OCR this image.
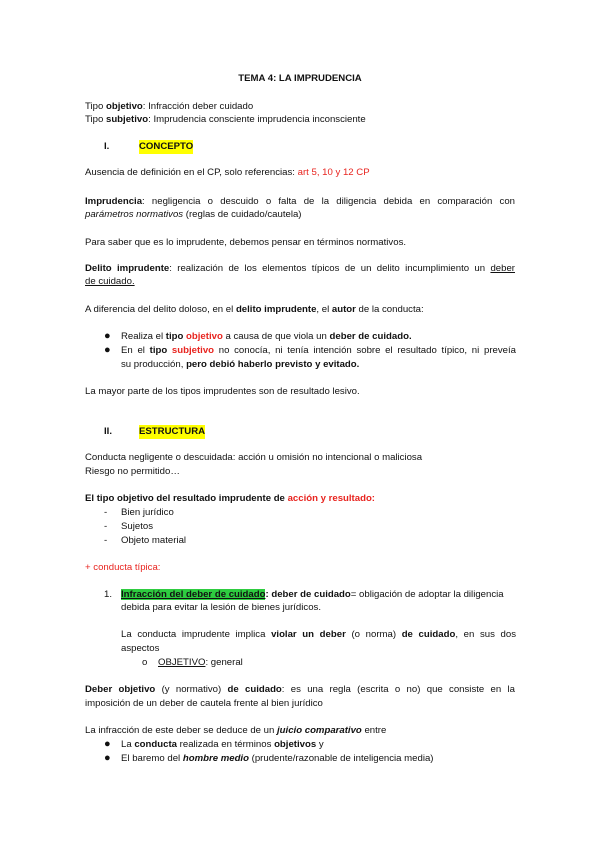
TEMA 4: LA IMPRUDENCIA
Tipo objetivo: Infracción deber cuidado
Tipo subjetivo: Imprudencia consciente imprudencia inconsciente
I.	CONCEPTO
Ausencia de definición en el CP, solo referencias: art 5, 10 y 12 CP
Imprudencia: negligencia o descuido o falta de la diligencia debida en comparación con
parámetros normativos (reglas de cuidado/cautela)
Para saber que es lo imprudente, debemos pensar en términos normativos.
Delito imprudente: realización de los elementos típicos de un delito incumplimiento un deber
de cuidado.
A diferencia del delito doloso, en el delito imprudente, el autor de la conducta:
● Realiza el tipo objetivo a causa de que viola un deber de cuidado.
● En el tipo subjetivo no conocía, ni tenía intención sobre el resultado típico, ni preveía
su producción, pero debió haberlo previsto y evitado.
La mayor parte de los tipos imprudentes son de resultado lesivo.
II.	ESTRUCTURA
Conducta negligente o descuidada: acción u omisión no intencional o maliciosa
Riesgo no permitido…
El tipo objetivo del resultado imprudente de acción y resultado:
- Bien jurídico
- Sujetos
- Objeto material
+ conducta típica:
1. Infracción del deber de cuidado: deber de cuidado= obligación de adoptar la diligencia
debida para evitar la lesión de bienes jurídicos.
La conducta imprudente implica violar un deber (o norma) de cuidado, en sus dos
aspectos
o	OBJETIVO: general
Deber objetivo (y normativo) de cuidado: es una regla (escrita o no) que consiste en la
imposición de un deber de cautela frente al bien jurídico
La infracción de este deber se deduce de un juicio comparativo entre
● La conducta realizada en términos objetivos y
● El baremo del hombre medio (prudente/razonable de inteligencia media)
